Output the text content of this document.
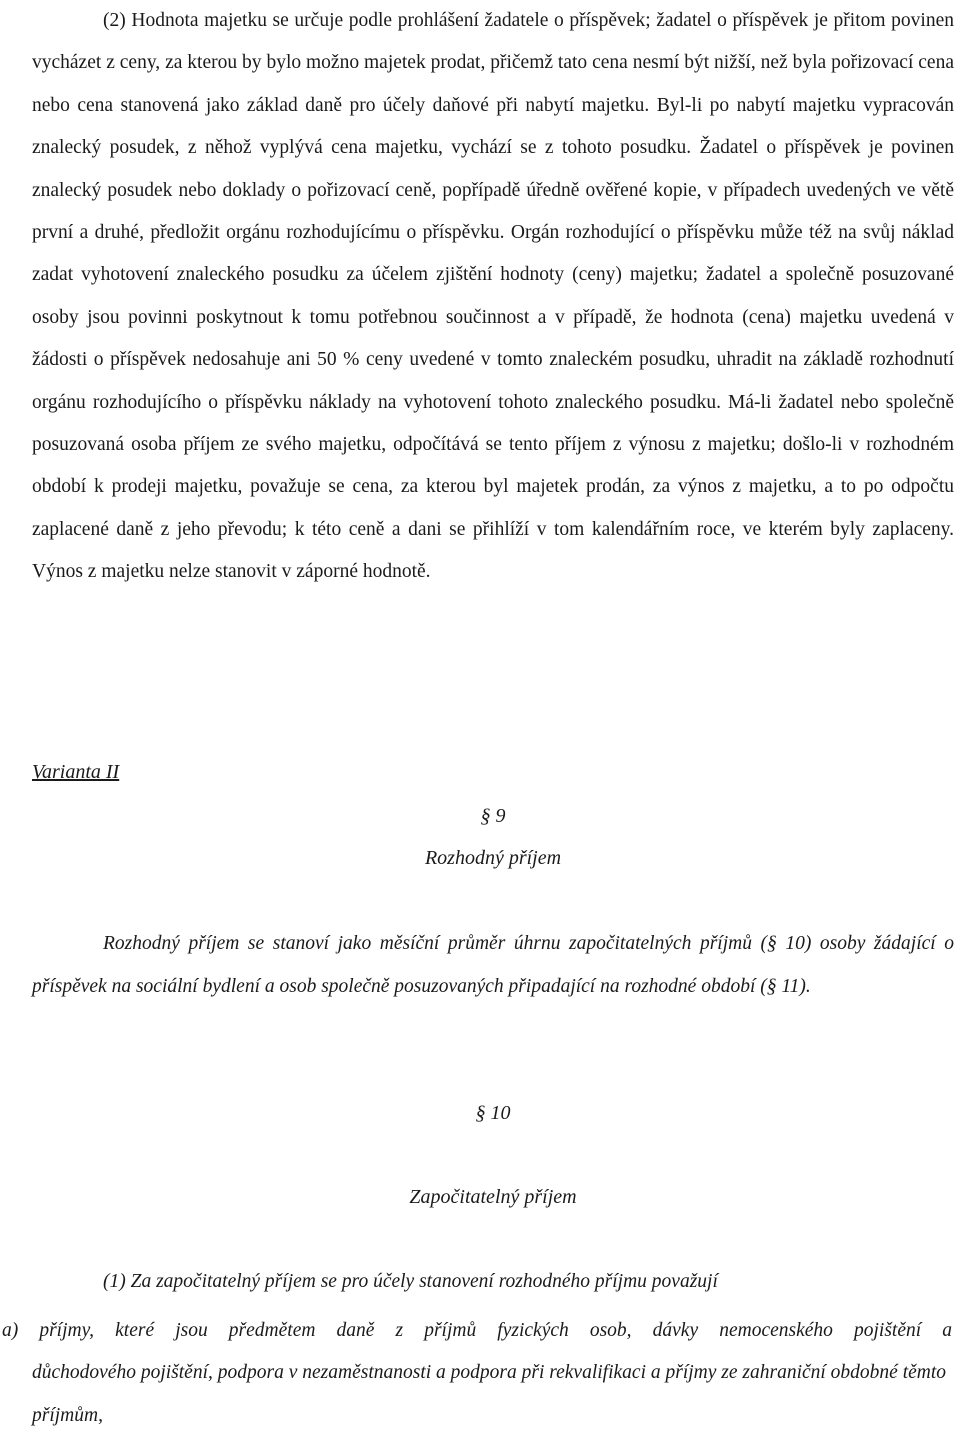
(2) Hodnota majetku se určuje podle prohlášení žadatele o příspěvek; žadatel o příspěvek je přitom povinen vycházet z ceny, za kterou by bylo možno majetek prodat, přičemž tato cena nesmí být nižší, než byla pořizovací cena nebo cena stanovená jako základ daně pro účely daňové při nabytí majetku. Byl-li po nabytí majetku vypracován znalecký posudek, z něhož vyplývá cena majetku, vychází se z tohoto posudku. Žadatel o příspěvek je povinen znalecký posudek nebo doklady o pořizovací ceně, popřípadě úředně ověřené kopie, v případech uvedených ve větě první a druhé, předložit orgánu rozhodujícímu o příspěvku. Orgán rozhodující o příspěvku může též na svůj náklad zadat vyhotovení znaleckého posudku za účelem zjištění hodnoty (ceny) majetku; žadatel a společně posuzované osoby jsou povinni poskytnout k tomu potřebnou součinnost a v případě, že hodnota (cena) majetku uvedená v žádosti o příspěvek nedosahuje ani 50 % ceny uvedené v tomto znaleckém posudku, uhradit na základě rozhodnutí orgánu rozhodujícího o příspěvku náklady na vyhotovení tohoto znaleckého posudku. Má-li žadatel nebo společně posuzovaná osoba příjem ze svého majetku, odpočítává se tento příjem z výnosu z majetku; došlo-li v rozhodném období k prodeji majetku, považuje se cena, za kterou byl majetek prodán, za výnos z majetku, a to po odpočtu zaplacené daně z jeho převodu; k této ceně a dani se přihlíží v tom kalendářním roce, ve kterém byly zaplaceny. Výnos z majetku nelze stanovit v záporné hodnotě.

Varianta II

§ 9

Rozhodný příjem

Rozhodný příjem se stanoví jako měsíční průměr úhrnu započitatelných příjmů (§ 10) osoby žádající o příspěvek na sociální bydlení a osob společně posuzovaných připadající na rozhodné období (§ 11).

§ 10

Započitatelný příjem

(1) Za započitatelný příjem se pro účely stanovení rozhodného příjmu považují

a) příjmy, které jsou předmětem daně z příjmů fyzických osob, dávky nemocenského pojištění a
důchodového pojištění, podpora v nezaměstnanosti a podpora při rekvalifikaci a příjmy ze zahraniční obdobné těmto příjmům,
